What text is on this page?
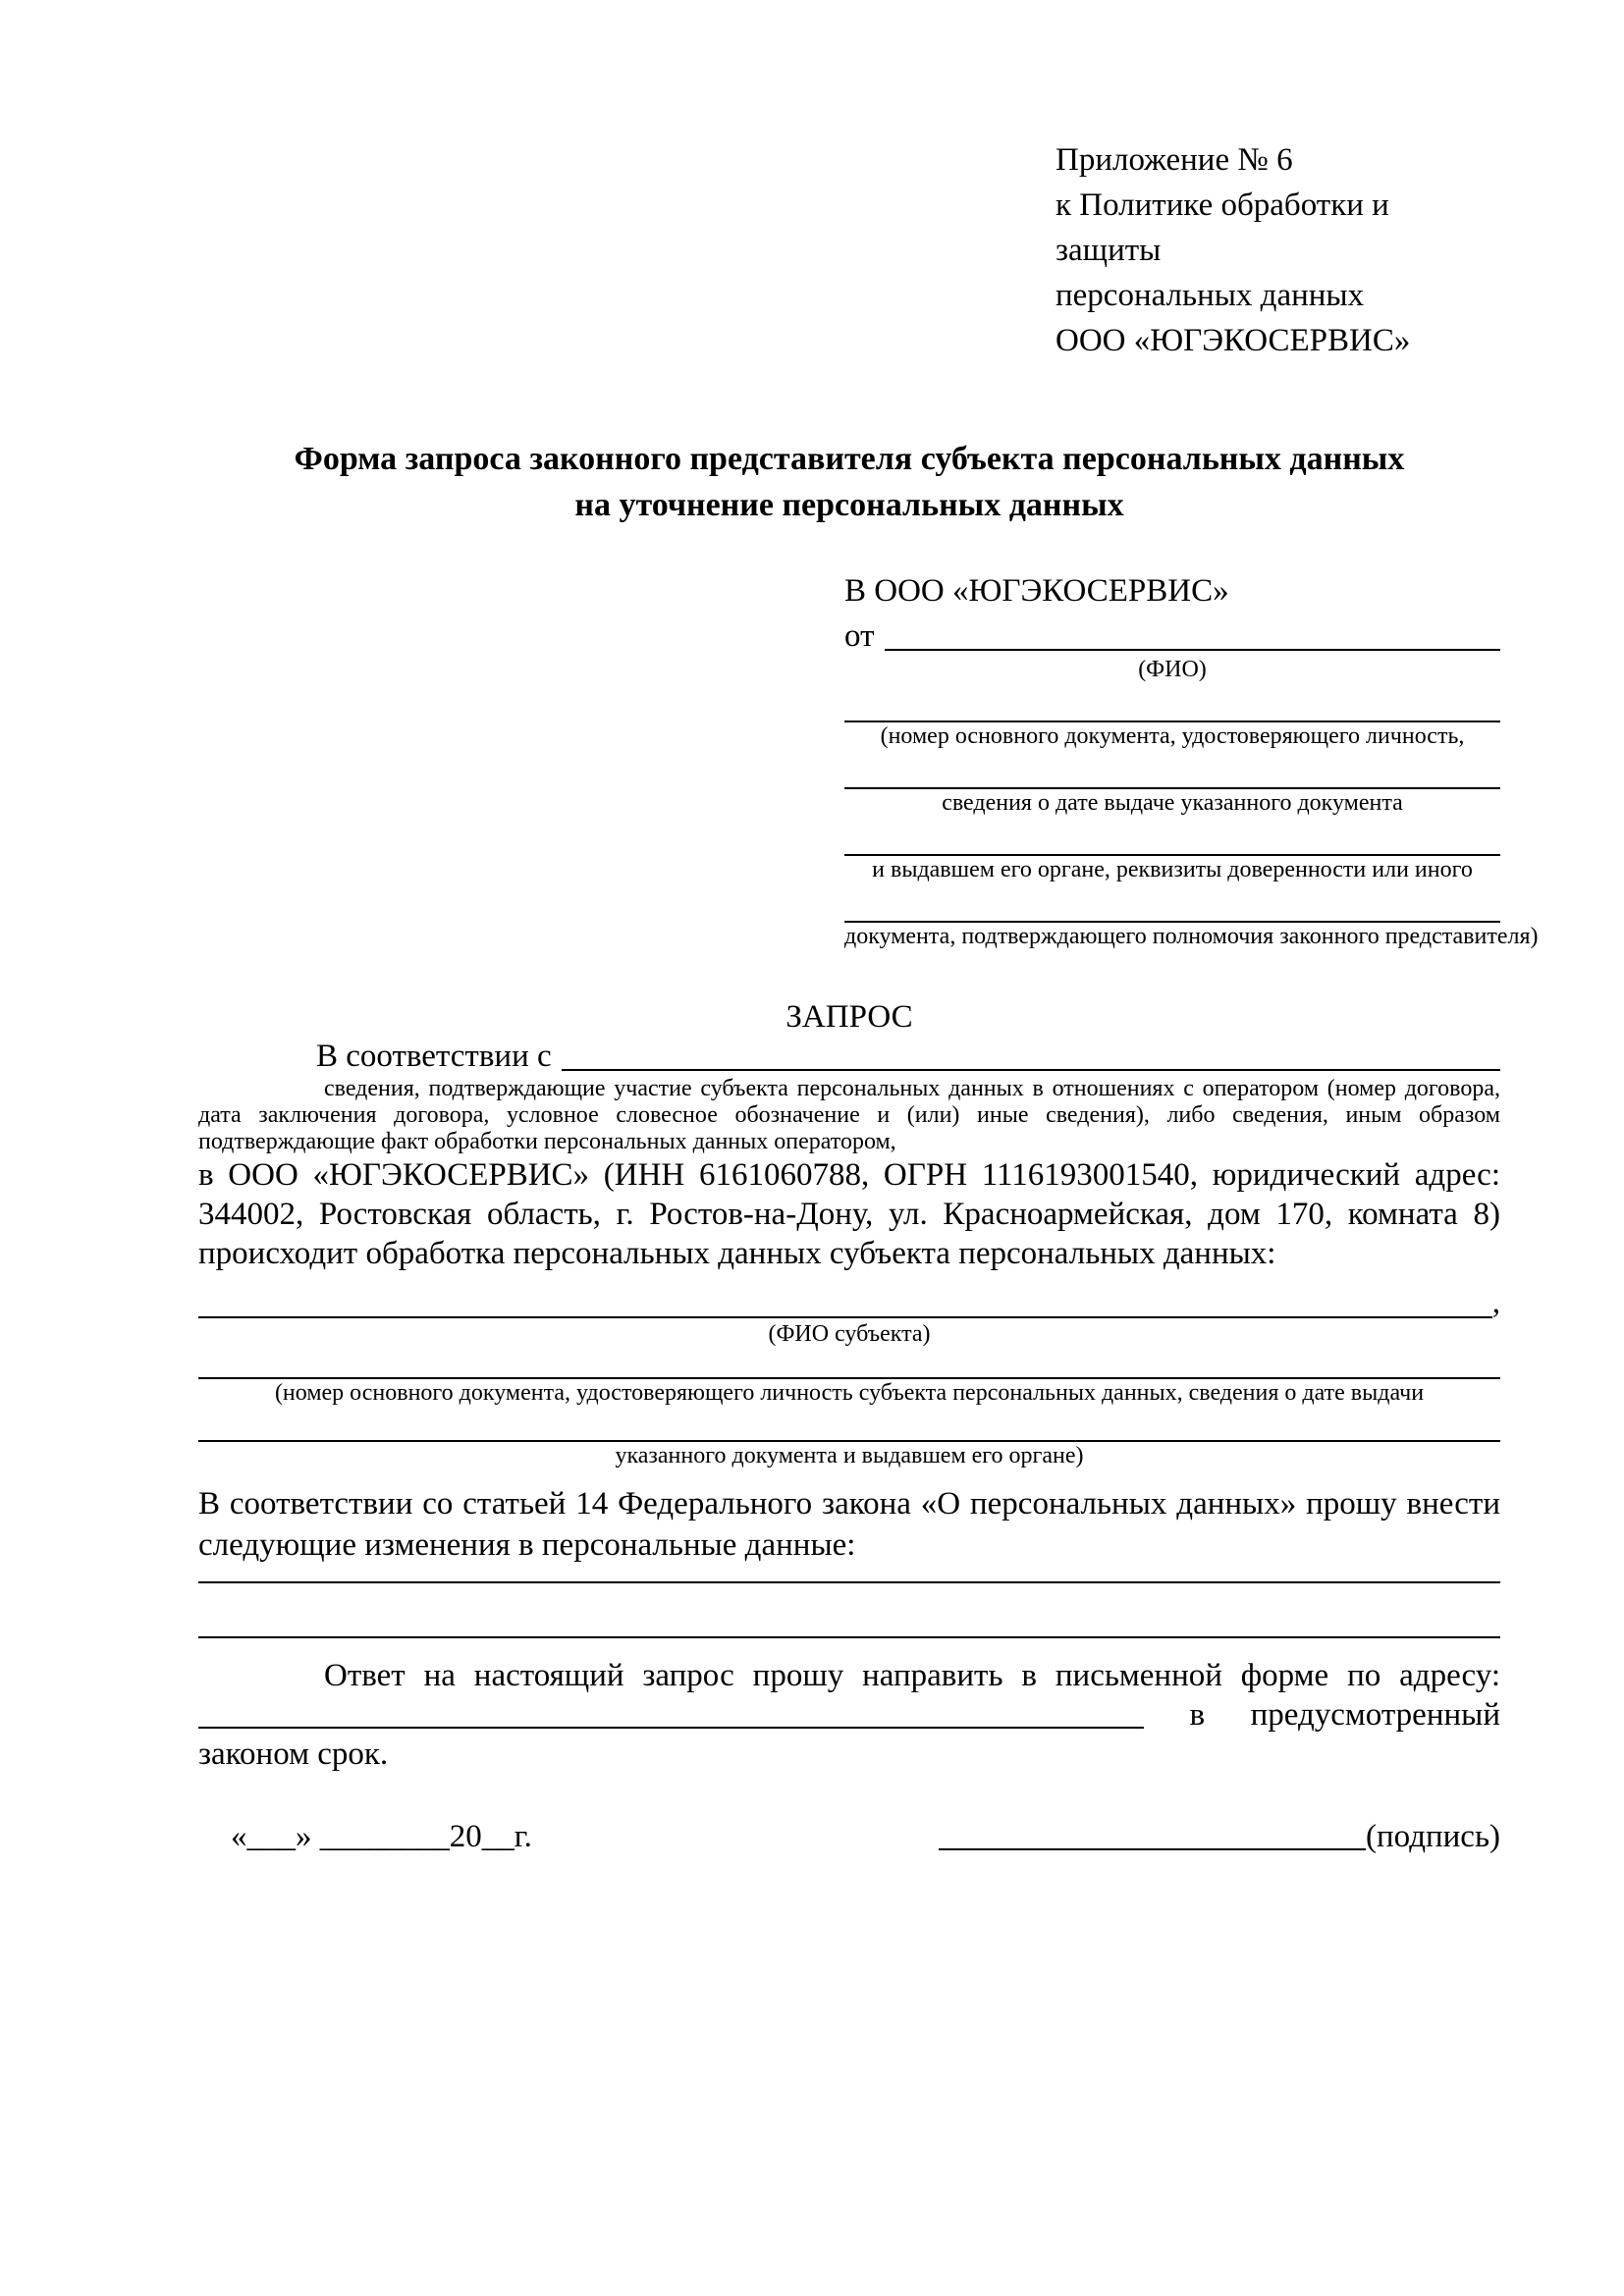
Приложение № 6
к Политике обработки и защиты
персональных данных
ООО «ЮГЭКОСЕРВИС»
Форма запроса законного представителя субъекта персональных данных
на уточнение персональных данных
В ООО «ЮГЭКОСЕРВИС»
от
(ФИО)
(номер основного документа, удостоверяющего личность,
сведения о дате выдаче указанного документа
и выдавшем его органе, реквизиты доверенности или иного
документа, подтверждающего полномочия законного представителя)
ЗАПРОС
В соответствии с
сведения, подтверждающие участие субъекта персональных данных в отношениях с оператором (номер договора, дата заключения договора, условное словесное обозначение и (или) иные сведения), либо сведения, иным образом подтверждающие факт обработки персональных данных оператором,
в ООО «ЮГЭКОСЕРВИС» (ИНН 6161060788, ОГРН 1116193001540, юридический адрес: 344002, Ростовская область, г. Ростов-на-Дону, ул. Красноармейская, дом 170, комната 8) происходит обработка персональных данных субъекта персональных данных:
,
(ФИО субъекта)
(номер основного документа, удостоверяющего личность субъекта персональных данных, сведения о дате выдачи
указанного документа и выдавшем его органе)
В соответствии со статьей 14 Федерального закона «О персональных данных» прошу внести следующие изменения в персональные данные:
Ответ на настоящий запрос прошу направить в письменной форме по адресу:
в предусмотренный
законом срок.
«___» ________20__г.	(подпись)
